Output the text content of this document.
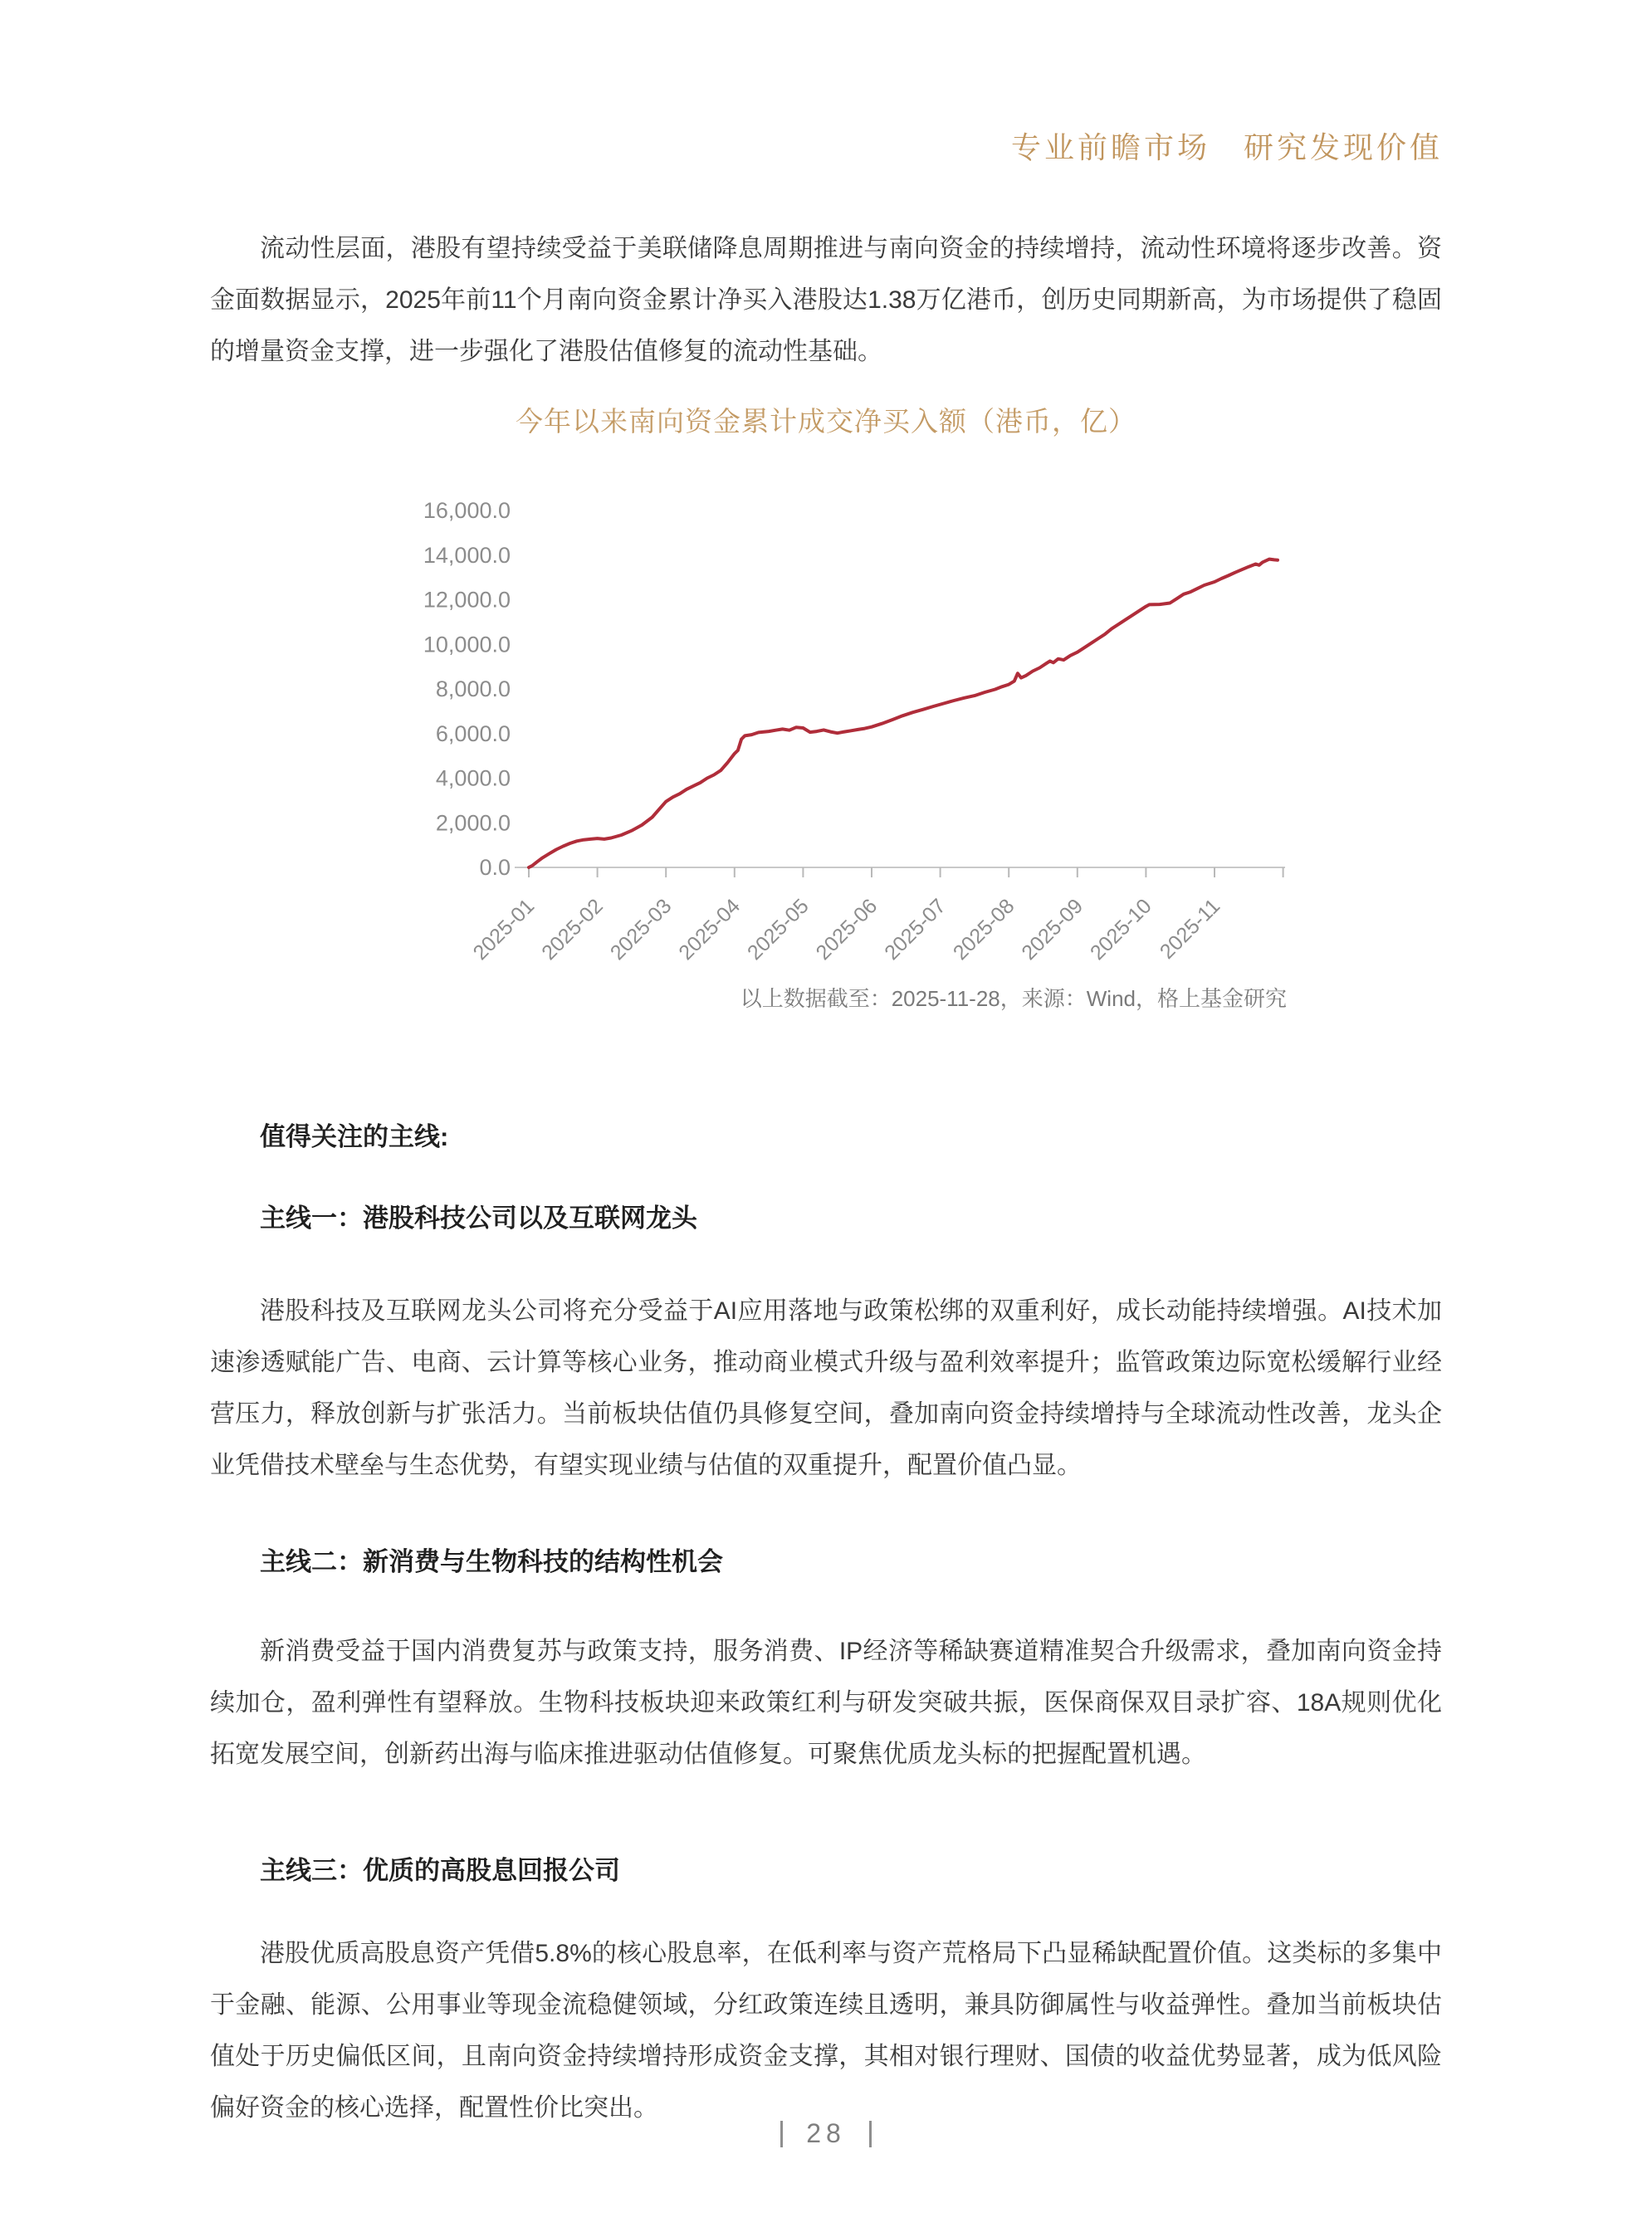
专业前瞻市场　研究发现价值

流动性层面，港股有望持续受益于美联储降息周期推进与南向资金的持续增持，流动性环境将逐步改善。资金面数据显示，2025年前11个月南向资金累计净买入港股达1.38万亿港币，创历史同期新高，为市场提供了稳固的增量资金支撑，进一步强化了港股估值修复的流动性基础。

今年以来南向资金累计成交净买入额（港币，亿）
0.0
2,000.0
4,000.0
6,000.0
8,000.0
10,000.0
12,000.0
14,000.0
16,000.0
2025-01
2025-02
2025-03
2025-04
2025-05
2025-06
2025-07
2025-08
2025-09
2025-10 2025-11
以上数据截至：2025-11-28，来源：Wind，格上基金研究

值得关注的主线:

主线一：港股科技公司以及互联网龙头

港股科技及互联网龙头公司将充分受益于AI应用落地与政策松绑的双重利好，成长动能持续增强。AI技术加速渗透赋能广告、电商、云计算等核心业务，推动商业模式升级与盈利效率提升；监管政策边际宽松缓解行业经营压力，释放创新与扩张活力。当前板块估值仍具修复空间，叠加南向资金持续增持与全球流动性改善，龙头企业凭借技术壁垒与生态优势，有望实现业绩与估值的双重提升，配置价值凸显。

主线二：新消费与生物科技的结构性机会

新消费受益于国内消费复苏与政策支持，服务消费、IP经济等稀缺赛道精准契合升级需求，叠加南向资金持续加仓，盈利弹性有望释放。生物科技板块迎来政策红利与研发突破共振，医保商保双目录扩容、18A规则优化拓宽发展空间，创新药出海与临床推进驱动估值修复。可聚焦优质龙头标的把握配置机遇。

主线三：优质的高股息回报公司

港股优质高股息资产凭借5.8%的核心股息率，在低利率与资产荒格局下凸显稀缺配置价值。这类标的多集中于金融、能源、公用事业等现金流稳健领域，分红政策连续且透明，兼具防御属性与收益弹性。叠加当前板块估值处于历史偏低区间，且南向资金持续增持形成资金支撑，其相对银行理财、国债的收益优势显著，成为低风险偏好资金的核心选择，配置性价比突出。

28
